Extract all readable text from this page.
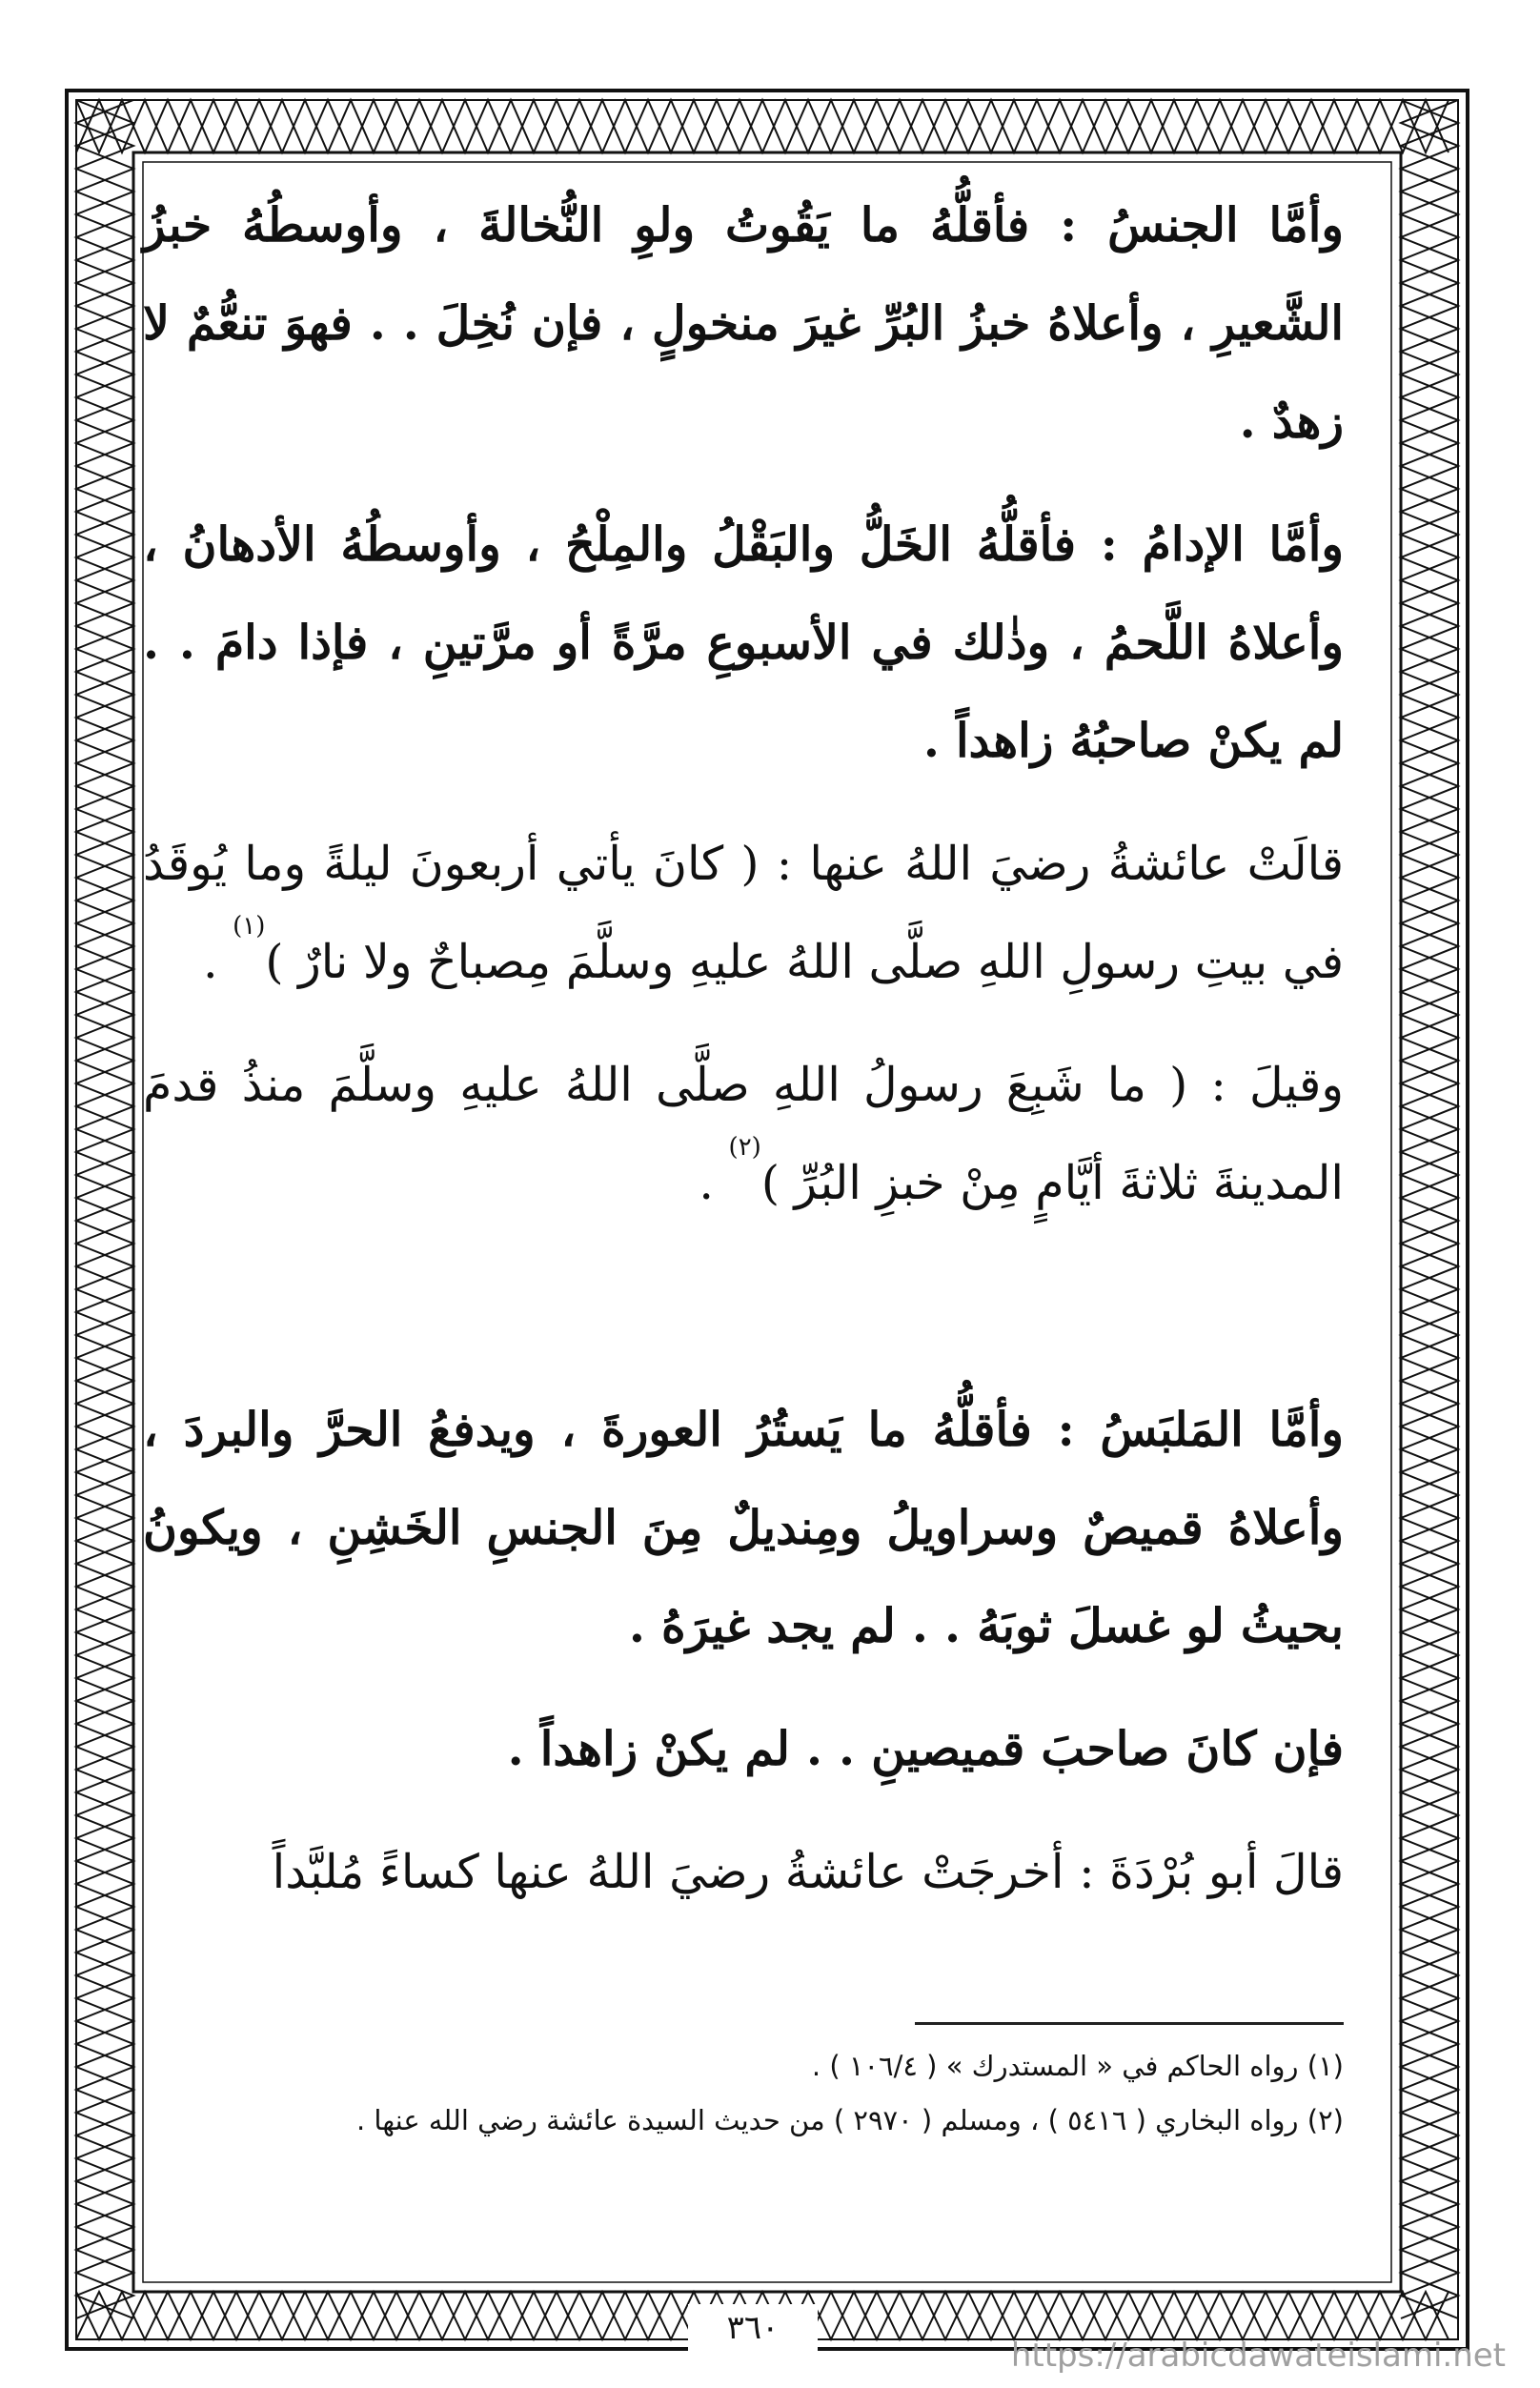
وأمَّا الجنسُ : فأقلُّهُ ما يَقُوتُ ولوِ النُّخالةَ ، وأوسطُهُ خبزُ الشَّعيرِ ، وأعلاهُ خبزُ البُرِّ غيرَ منخولٍ ، فإن نُخِلَ . . فهوَ تنعُّمٌ لا زهدٌ .

وأمَّا الإدامُ : فأقلُّهُ الخَلُّ والبَقْلُ والمِلْحُ ، وأوسطُهُ الأدهانُ ، وأعلاهُ اللَّحمُ ، وذٰلك في الأسبوعِ مرَّةً أو مرَّتينِ ، فإذا دامَ . . لم يكنْ صاحبُهُ زاهداً .

قالَتْ عائشةُ رضيَ اللهُ عنها : ( كانَ يأتي أربعونَ ليلةً وما يُوقَدُ في بيتِ رسولِ اللهِ صلَّى اللهُ عليهِ وسلَّمَ مِصباحٌ ولا نارٌ )$^{(١)}$ .

وقيلَ : ( ما شَبِعَ رسولُ اللهِ صلَّى اللهُ عليهِ وسلَّمَ منذُ قدمَ المدينةَ ثلاثةَ أيَّامٍ مِنْ خبزِ البُرِّ )$^{(٢)}$ .

وأمَّا المَلبَسُ : فأقلُّهُ ما يَستُرُ العورةَ ، ويدفعُ الحرَّ والبردَ ، وأعلاهُ قميصٌ وسراويلُ ومِنديلٌ مِنَ الجنسِ الخَشِنِ ، ويكونُ بحيثُ لو غسلَ ثوبَهُ . . لم يجد غيرَهُ .

فإن كانَ صاحبَ قميصينِ . . لم يكنْ زاهداً .

قالَ أبو بُرْدَةَ : أخرجَتْ عائشةُ رضيَ اللهُ عنها كساءً مُلبَّداً

(١) رواه الحاكم في « المستدرك » ( ١٠٦/٤ ) .

(٢) رواه البخاري ( ٥٤١٦ ) ، ومسلم ( ٢٩٧٠ ) من حديث السيدة عائشة رضي الله عنها .

٣٦٠
https://arabicdawateislami.net
